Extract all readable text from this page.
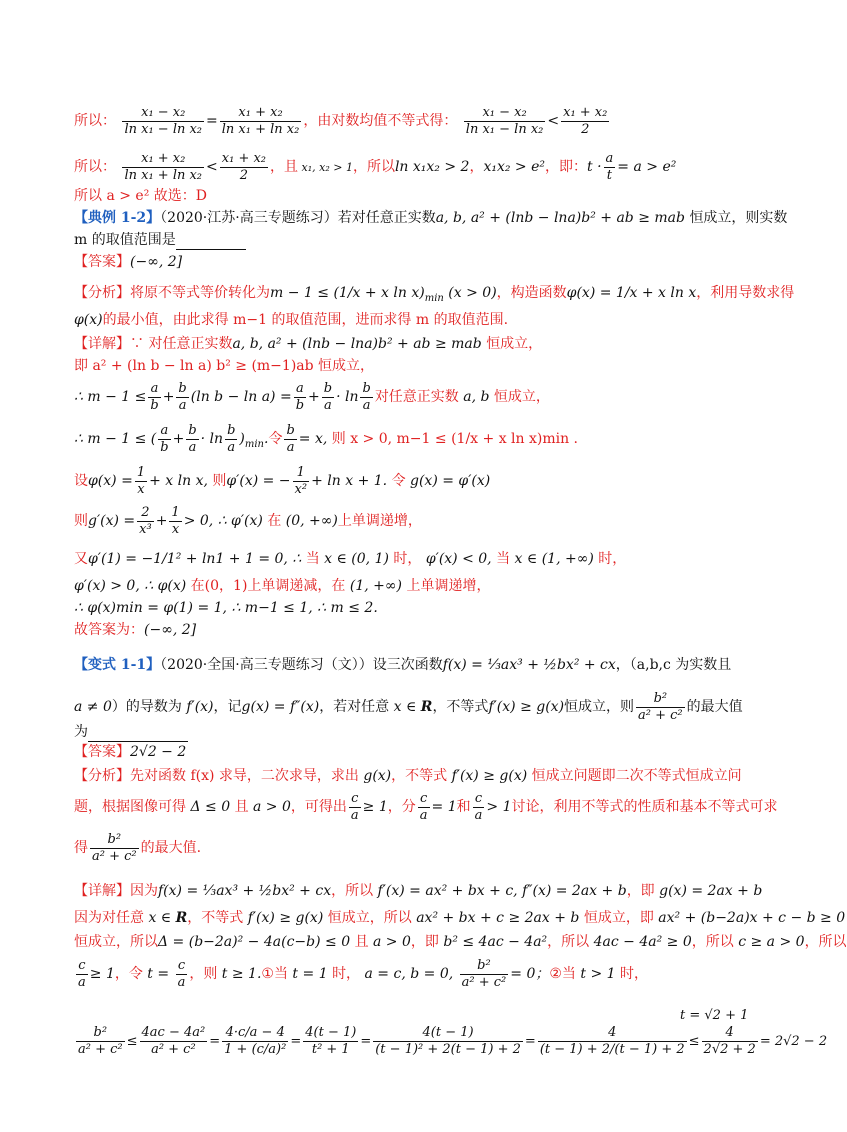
所以： $\frac{\text{x₁ − x₂}}{\text{ln x₁ − ln x₂}} = \frac{\text{x₁ + x₂}}{\text{ln x₁ + ln x₂}}$ ，由对数均值不等式得： $\frac{\text{x₁ − x₂}}{\text{ln x₁ − ln x₂}} < \frac{\text{x₁ + x₂}}{2}$
所以： $\frac{\text{x₁ + x₂}}{\text{ln x₁ + ln x₂}} < \frac{\text{x₁ + x₂}}{2}$ ，且 x₁, x₂ > 1，所以ln x₁x₂ > 2，x₁x₂ > e²，即：$t \cdot \frac{a}{t} = a > e^2$
所以 a > e² 故选：D
【典例 1-2】（2020·江苏·高三专题练习）若对任意正实数a, b, a² + (lnb − lna)b² + ab ≥ mab 恒成立，则实数
m 的取值范围是
【答案】(−∞, 2]
【分析】将原不等式等价转化为m − 1 ≤ (1/x + x $\ln x)_{min}$ (x > 0)，构造函数φ(x) = 1/x + x ln x，利用导数求得
φ(x)的最小值，由此求得 m−1 的取值范围，进而求得 m 的取值范围.
【详解】∵ 对任意正实数a, b, a² + (lnb − lna)b² + ab ≥ mab 恒成立，
即 a² + (ln b − ln a) b² ≥ (m−1)ab 恒成立，
∴ $m - 1 \le \frac{a}{b} + \frac{b}{a} (\ln$ $b - \ln a) = \frac{a}{b} + \frac{b}{a} \cdot \ln \frac{b}{a}$ 对任意正实数 a, b 恒成立，
∴ m − 1 ≤ ( $\frac{a}{b} + \frac{b}{a} \cdot \ln \frac{b}{a} )_{min}$.令 $\frac{b}{a} = x$, 则 x > 0, m−1 ≤ (1/x + x ln x)min .
设$\varphi(x) = \frac{1}{x} + x$ ln x, 则φ′(x) = − $\frac{1}{\text{x²}} + \ln x + 1$. 令 g(x) = φ′(x)
则$g'(x) = \frac{2}{\text{x³}} + \frac{1}{x} > 0$, ∴ φ′(x) 在 (0, +∞)上单调递增，
又φ′(1) = −1/1² + ln1 + 1 = 0, ∴ 当 x ∈ (0, 1) 时， φ′(x) < 0, 当 x ∈ (1, +∞) 时，
φ′(x) > 0, ∴ φ(x) 在(0，1)上单调递减，在 (1, +∞) 上单调递增，
∴ φ(x)min = φ(1) = 1, ∴ m−1 ≤ 1, ∴ m ≤ 2.
故答案为：(−∞, 2]
【变式 1-1】（2020·全国·高三专题练习（文））设三次函数f(x) = ⅓ax³ + ½bx² + cx，（a,b,c 为实数且
a ≠ 0）的导数为 f′(x)，记g(x) = f″(x)，若对任意 x ∈ R，不等式f′(x) ≥ g(x)恒成立，则 $\frac{\text{b²}}{\text{a² + c²}}$ 的最大值
为
【答案】2√2 − 2
【分析】先对函数 f(x) 求导，二次求导，求出 g(x)，不等式 f′(x) ≥ g(x) 恒成立问题即二次不等式恒成立问
题，根据图像可得 Δ ≤ 0 且 a > 0，可得出 $\frac{c}{a} \ge 1$，分 $\frac{c}{a} = 1$和 $\frac{c}{a} > 1$讨论，利用不等式的性质和基本不等式可求
得 $\frac{\text{b²}}{\text{a² + c²}}$ 的最大值.
【详解】因为f(x) = ⅓ax³ + ½bx² + cx，所以 f′(x) = ax² + bx + c, f″(x) = 2ax + b，即 g(x) = 2ax + b
因为对任意 x ∈ R，不等式 f′(x) ≥ g(x) 恒成立，所以 ax² + bx + c ≥ 2ax + b 恒成立，即 ax² + (b−2a)x + c − b ≥ 0
恒成立，所以Δ = (b−2a)² − 4a(c−b) ≤ 0 且 a > 0，即 b² ≤ 4ac − 4a²，所以 4ac − 4a² ≥ 0，所以 c ≥ a > 0，所以
$\frac{c}{a} \ge 1$，令 $t = \frac{c}{a}$ ，则 t ≥ 1.①当 t = 1 时， a = c, b = 0, $\frac{\text{b²}}{\text{a² + c²}} = 0$；②当 t > 1 时，
t = √2 + 1
$\frac{\text{b²}}{\text{a² + c²}} \le \frac{\text{4ac − 4a²}}{\text{a² + c²}} = \frac{4\cdot c/a - 4}{\text{1 + (c/a)²}} = \frac{4(t - 1)}{\text{t² + 1}} = \frac{4(t - 1)}{\text{(t − 1)² + 2(t − 1) + 2}} = \frac{4}{(t - 1) + 2/(t - 1) + 2} \le \frac{4}{2√2 + 2} = 2√2 - 2$
